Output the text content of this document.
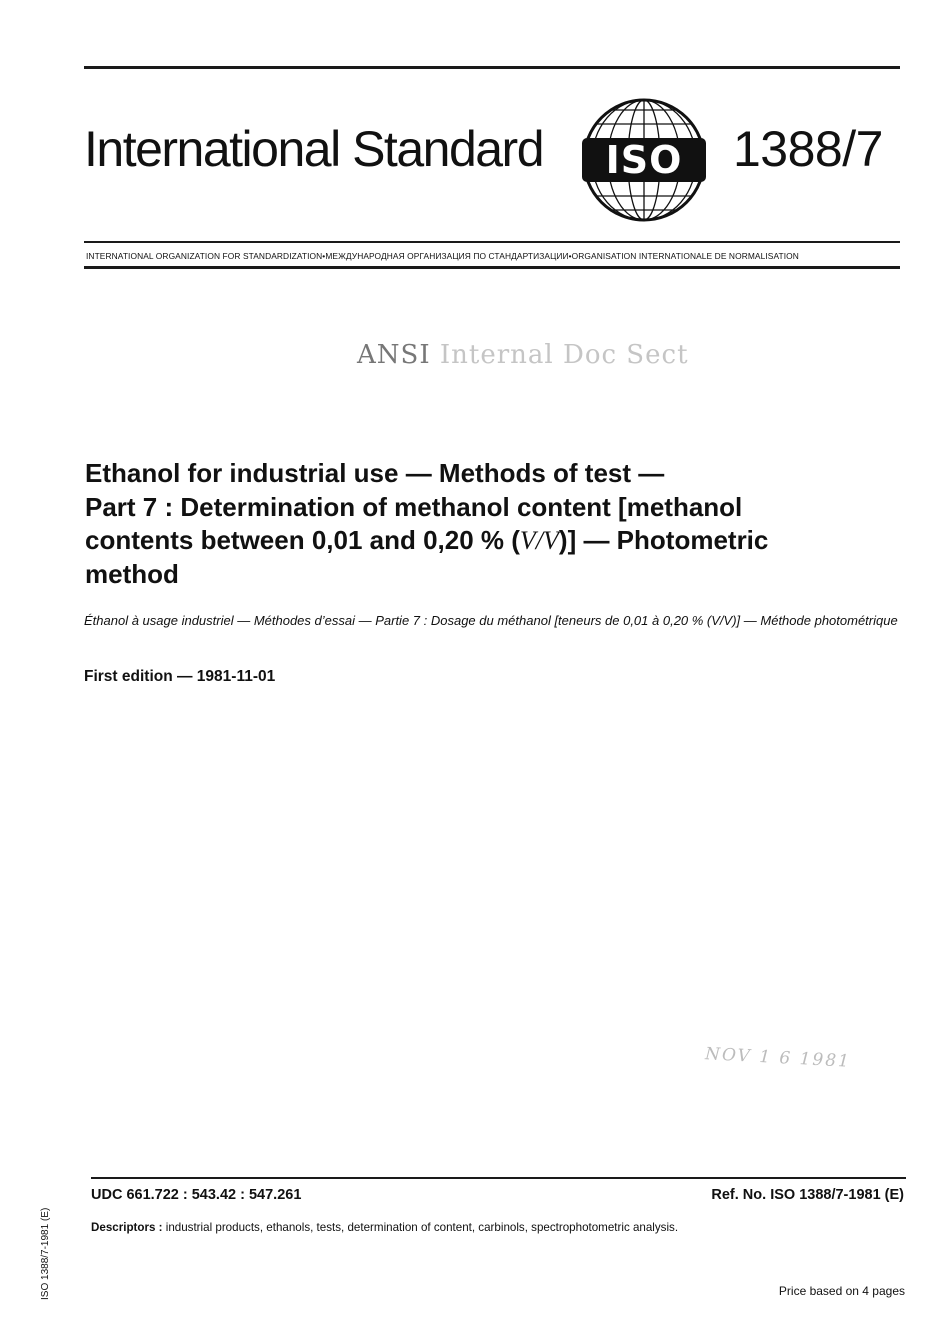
International Standard ISO 1388/7
INTERNATIONAL ORGANIZATION FOR STANDARDIZATION•МЕЖДУНАРОДНАЯ ОРГАНИЗАЦИЯ ПО СТАНДАРТИЗАЦИИ•ORGANISATION INTERNATIONALE DE NORMALISATION
ANSI Internal Doc Sect
Ethanol for industrial use — Methods of test —
Part 7 : Determination of methanol content [methanol
contents between 0,01 and 0,20 % (V/V)] — Photometric
method
Éthanol à usage industriel — Méthodes d’essai — Partie 7 : Dosage du méthanol [teneurs de 0,01 à 0,20 % (V/V)] — Méthode photométrique
First edition — 1981-11-01
NOV 1 6 1981
UDC 661.722 : 543.42 : 547.261	Ref. No. ISO 1388/7-1981 (E)
Descriptors : industrial products, ethanols, tests, determination of content, carbinols, spectrophotometric analysis.
ISO 1388/7-1981 (E)	Price based on 4 pages
